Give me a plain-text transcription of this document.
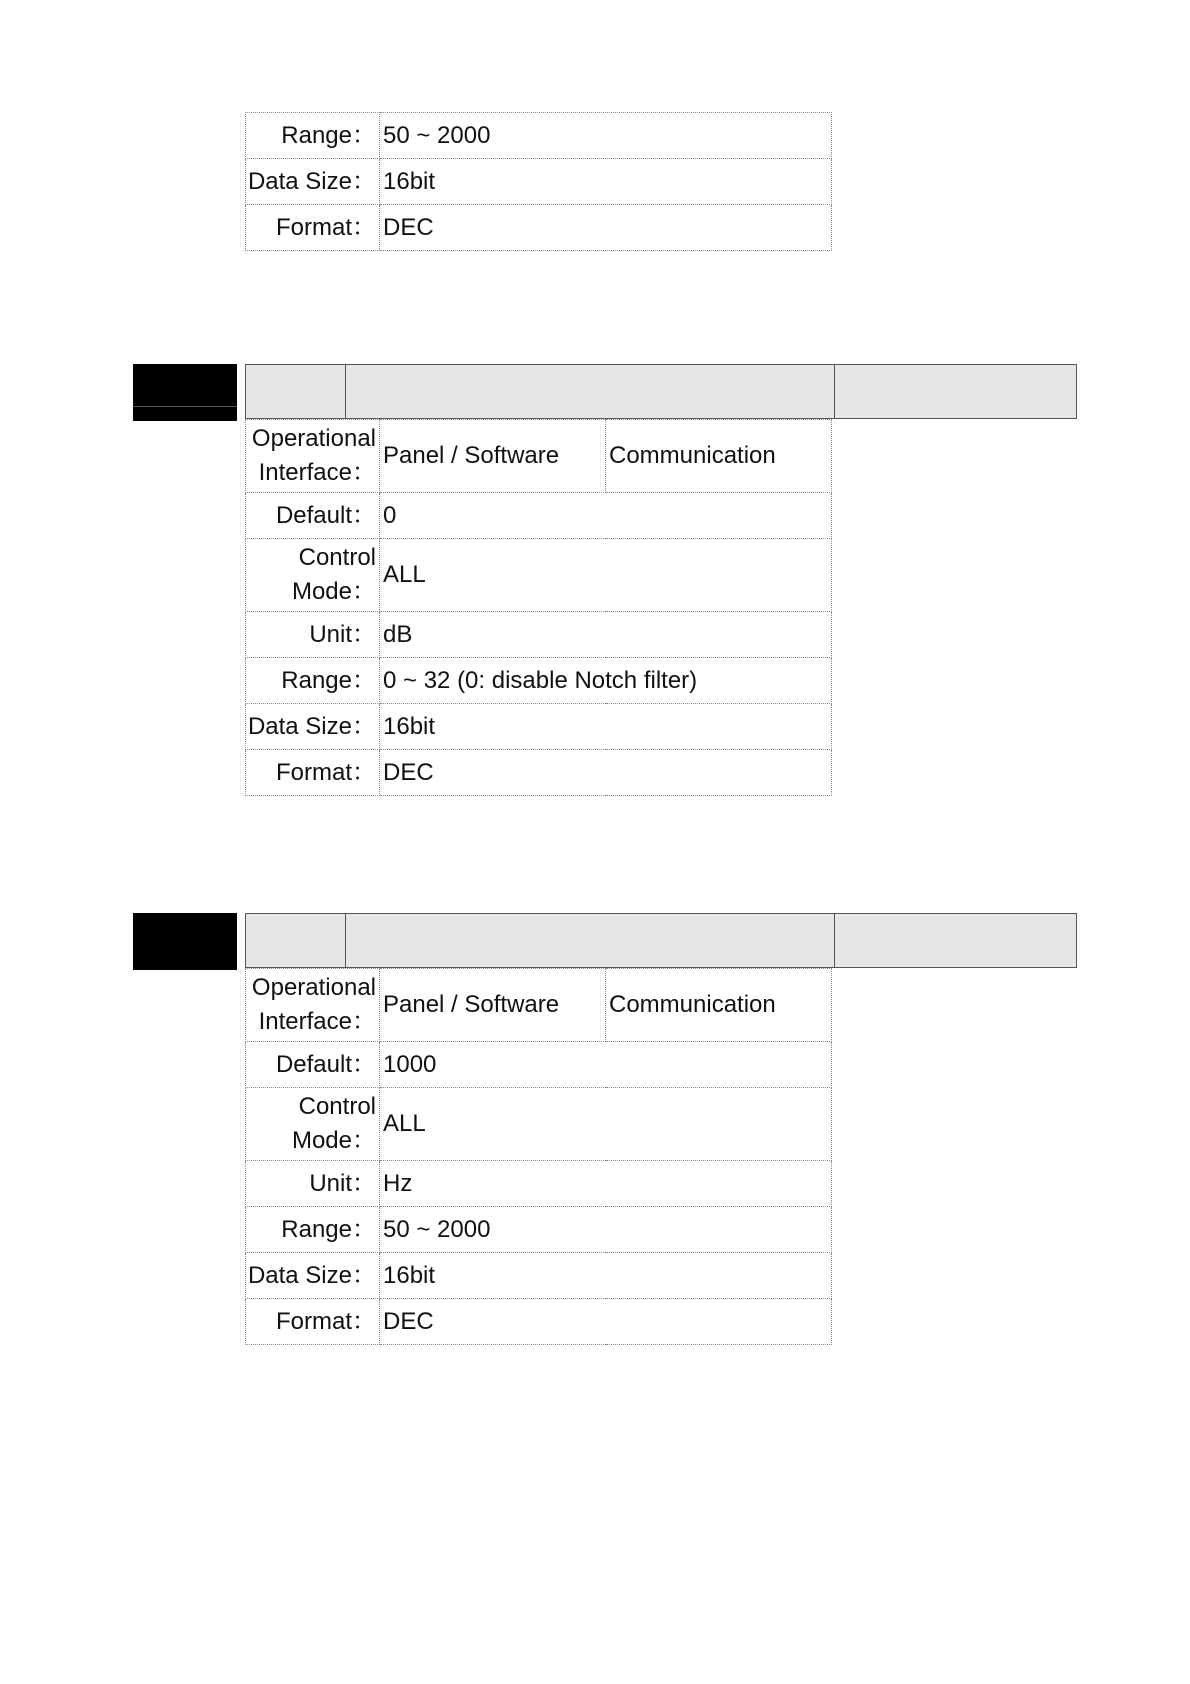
Range：	50 ~ 2000
Data Size：	16bit
Format：	DEC
Operational
Interface：	Panel / Software	Communication
Default：	0	
Control
Mode：	ALL	
Unit：	dB	
Range：	0 ~ 32 (0: disable Notch filter)	
Data Size：	16bit	
Format：	DEC	
Operational
Interface：	Panel / Software	Communication
Default：	1000	
Control
Mode：	ALL	
Unit：	Hz	
Range：	50 ~ 2000	
Data Size：	16bit	
Format：	DEC	
